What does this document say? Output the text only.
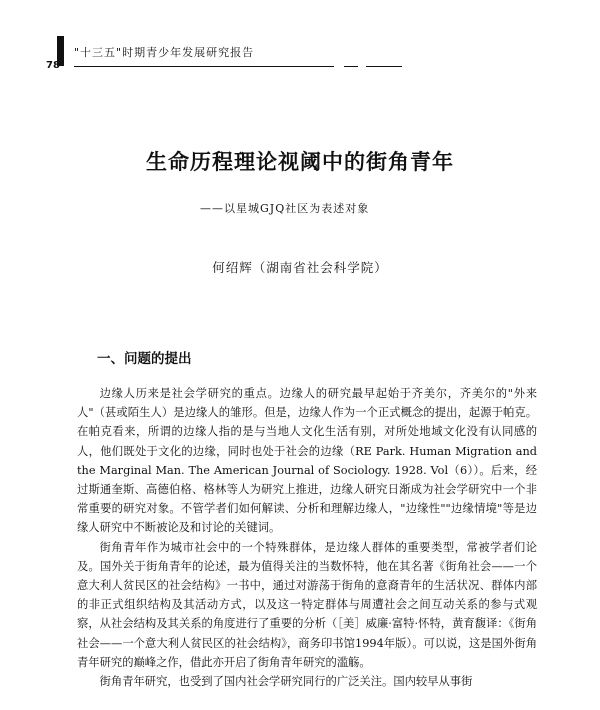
"十三五"时期青少年发展研究报告
78
生命历程理论视阈中的街角青年
——以星城GJQ社区为表述对象
何绍辉（湖南省社会科学院）
一、问题的提出

边缘人历来是社会学研究的重点。边缘人的研究最早起始于齐美尔，齐美尔的"外来人"（甚或陌生人）是边缘人的雏形。但是，边缘人作为一个正式概念的提出，起源于帕克。在帕克看来，所谓的边缘人指的是与当地人文化生活有别，对所处地域文化没有认同感的人，他们既处于文化的边缘，同时也处于社会的边缘（RE Park. Human Migration and the Marginal Man. The American Journal of Sociology. 1928. Vol（6））。后来，经过斯通奎斯、高德伯格、格林等人为研究上推进，边缘人研究日渐成为社会学研究中一个非常重要的研究对象。不管学者们如何解读、分析和理解边缘人，"边缘性""边缘情境"等是边缘人研究中不断被论及和讨论的关键词。

街角青年作为城市社会中的一个特殊群体，是边缘人群体的重要类型，常被学者们论及。国外关于街角青年的论述，最为值得关注的当数怀特，他在其名著《街角社会——一个意大利人贫民区的社会结构》一书中，通过对游荡于街角的意裔青年的生活状况、群体内部的非正式组织结构及其活动方式，以及这一特定群体与周遭社会之间互动关系的参与式观察，从社会结构及其关系的角度进行了重要的分析（［美］威廉·富特·怀特，黄育馥译：《街角社会——一个意大利人贫民区的社会结构》，商务印书馆1994年版）。可以说，这是国外街角青年研究的巅峰之作，借此亦开启了街角青年研究的滥觞。

街角青年研究，也受到了国内社会学研究同行的广泛关注。国内较早从事街
